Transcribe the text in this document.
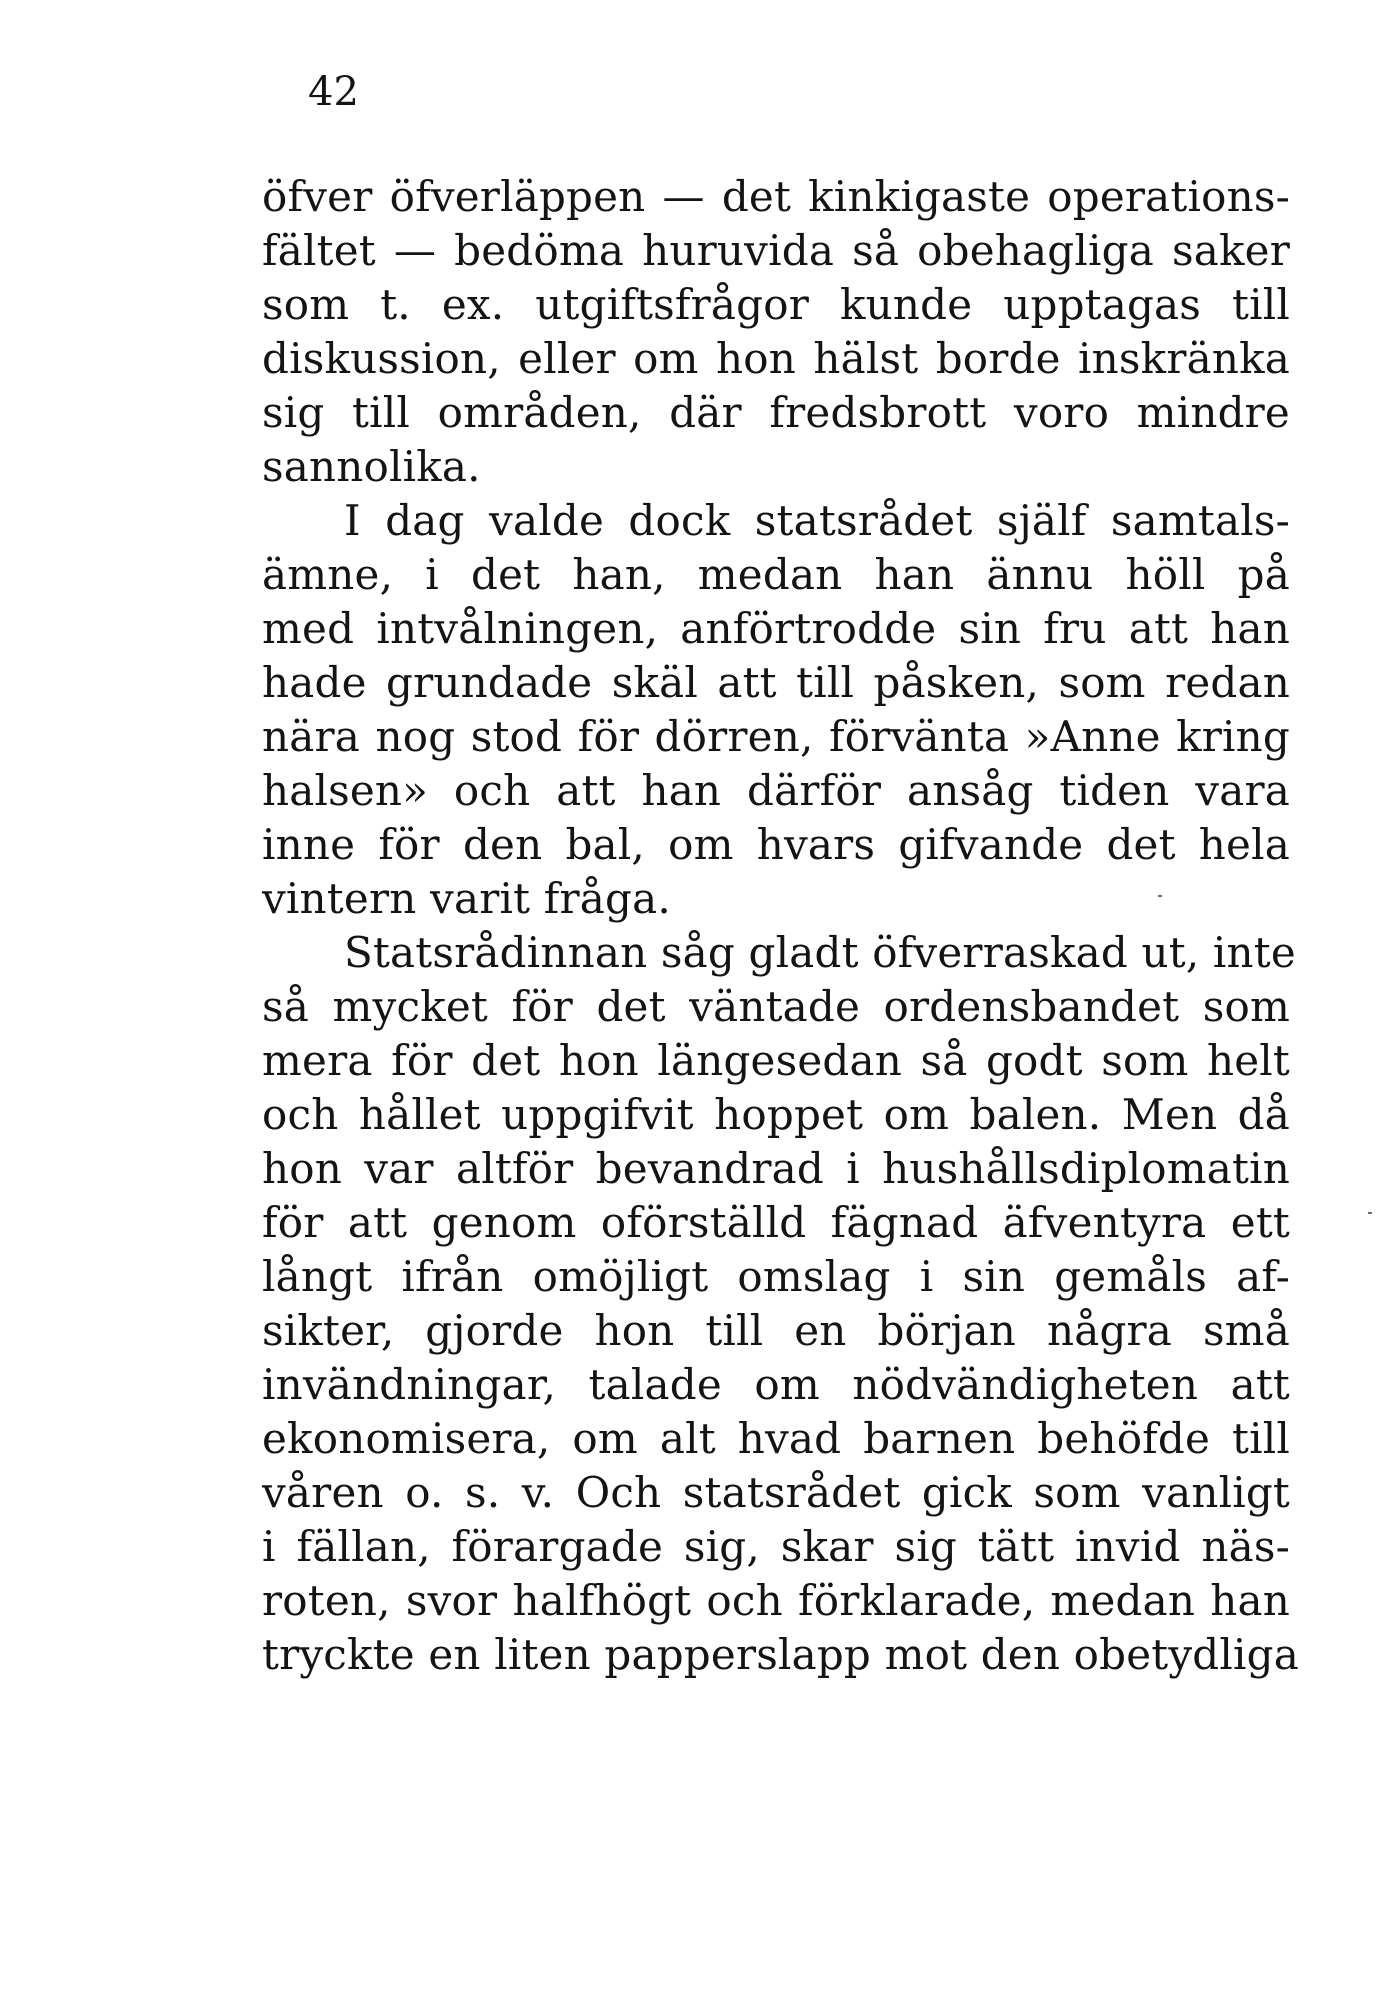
42

öfver öfverläppen — det kinkigaste operations-
fältet — bedöma huruvida så obehagliga saker
som t. ex. utgiftsfrågor kunde upptagas till
diskussion, eller om hon hälst borde inskränka
sig till områden, där fredsbrott voro mindre
sannolika.
I dag valde dock statsrådet själf samtals-
ämne, i det han, medan han ännu höll på
med intvålningen, anförtrodde sin fru att han
hade grundade skäl att till påsken, som redan
nära nog stod för dörren, förvänta »Anne kring
halsen» och att han därför ansåg tiden vara
inne för den bal, om hvars gifvande det hela
vintern varit fråga.
Statsrådinnan såg gladt öfverraskad ut, inte
så mycket för det väntade ordensbandet som
mera för det hon längesedan så godt som helt
och hållet uppgifvit hoppet om balen. Men då
hon var altför bevandrad i hushållsdiplomatin
för att genom oförställd fägnad äfventyra ett
långt ifrån omöjligt omslag i sin gemåls af-
sikter, gjorde hon till en början några små
invändningar, talade om nödvändigheten att
ekonomisera, om alt hvad barnen behöfde till
våren o. s. v. Och statsrådet gick som vanligt
i fällan, förargade sig, skar sig tätt invid näs-
roten, svor halfhögt och förklarade, medan han
tryckte en liten papperslapp mot den obetydliga
